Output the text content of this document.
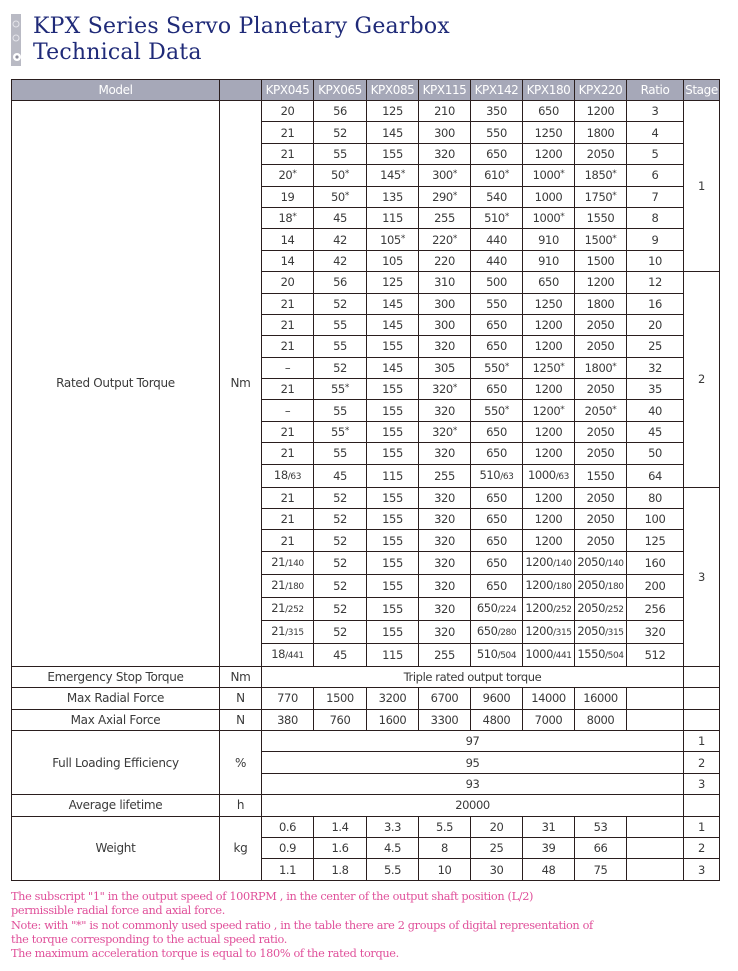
KPX Series Servo Planetary Gearbox
Technical Data
Model		KPX045	KPX065	KPX085	KPX115	KPX142	KPX180	KPX220	Ratio	Stage
Rated Output Torque	Nm	20	56	125	210	350	650	1200	3	1
		21	52	145	300	550	1250	1800	4	
		21	55	155	320	650	1200	2050	5	
		20*	50*	145*	300*	610*	1000*	1850*	6	
		19	50*	135	290*	540	1000	1750*	7	
		18*	45	115	255	510*	1000*	1550	8	
		14	42	105*	220*	440	910	1500*	9	
		14	42	105	220	440	910	1500	10	
		20	56	125	310	500	650	1200	12	2
		21	52	145	300	550	1250	1800	16	
		21	55	145	300	650	1200	2050	20	
		21	55	155	320	650	1200	2050	25	
		–	52	145	305	550*	1250*	1800*	32	
		21	55*	155	320*	650	1200	2050	35	
		–	55	155	320	550*	1200*	2050*	40	
		21	55*	155	320*	650	1200	2050	45	
		21	55	155	320	650	1200	2050	50	
		18/63	45	115	255	510/63	1000/63	1550	64	
		21	52	155	320	650	1200	2050	80	3
		21	52	155	320	650	1200	2050	100	
		21	52	155	320	650	1200	2050	125	
		21/140	52	155	320	650	1200/140	2050/140	160	
		21/180	52	155	320	650	1200/180	2050/180	200	
		21/252	52	155	320	650/224	1200/252	2050/252	256	
		21/315	52	155	320	650/280	1200/315	2050/315	320	
		18/441	45	115	255	510/504	1000/441	1550/504	512	
Emergency Stop Torque	Nm	Triple rated output torque								
Max Radial Force	N	770	1500	3200	6700	9600	14000	16000		
Max Axial Force	N	380	760	1600	3300	4800	7000	8000		
Full Loading Efficiency	%	97								1
		95								2
		93								3
Average lifetime	h	20000								
Weight	kg	0.6	1.4	3.3	5.5	20	31	53		1
		0.9	1.6	4.5	8	25	39	66		2
		1.1	1.8	5.5	10	30	48	75		3
The subscript "1" in the output speed of 100RPM , in the center of the output shaft position (L/2)
permissible radial force and axial force.
Note: with "*" is not commonly used speed ratio , in the table there are 2 groups of digital representation of
the torque corresponding to the actual speed ratio.
The maximum acceleration torque is equal to 180% of the rated torque.
